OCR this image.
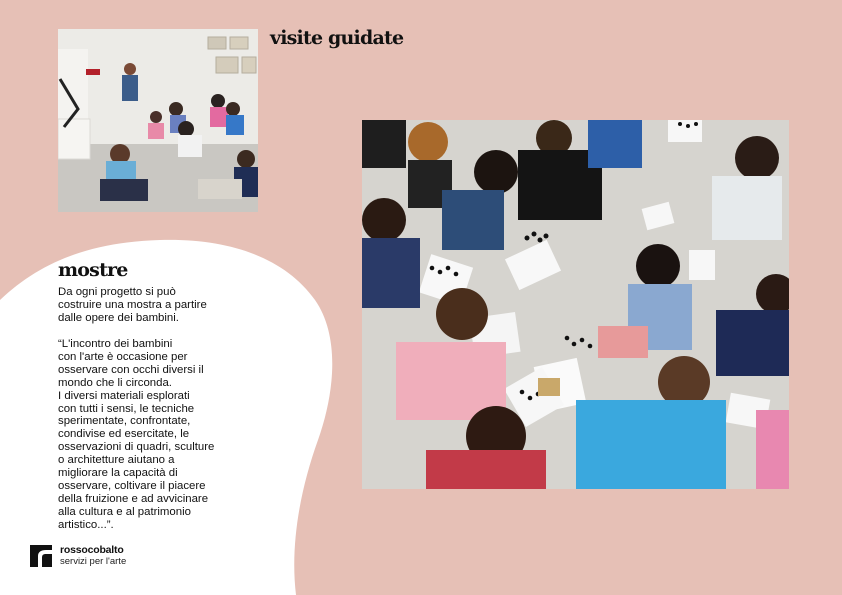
visite guidate
mostre

Da ogni progetto si può
costruire una mostra a partire
dalle opere dei bambini.

“L'incontro dei bambini
con l'arte è occasione per
osservare con occhi diversi il
mondo che li circonda.
I diversi materiali esplorati
con tutti i sensi, le tecniche
sperimentate, confrontate,
condivise ed esercitate, le
osservazioni di quadri, sculture
o architetture aiutano a
migliorare la capacità di
osservare, coltivare il piacere
della fruizione e ad avvicinare
alla cultura e al patrimonio
artistico...”.

rossocobalto
servizi per l'arte
